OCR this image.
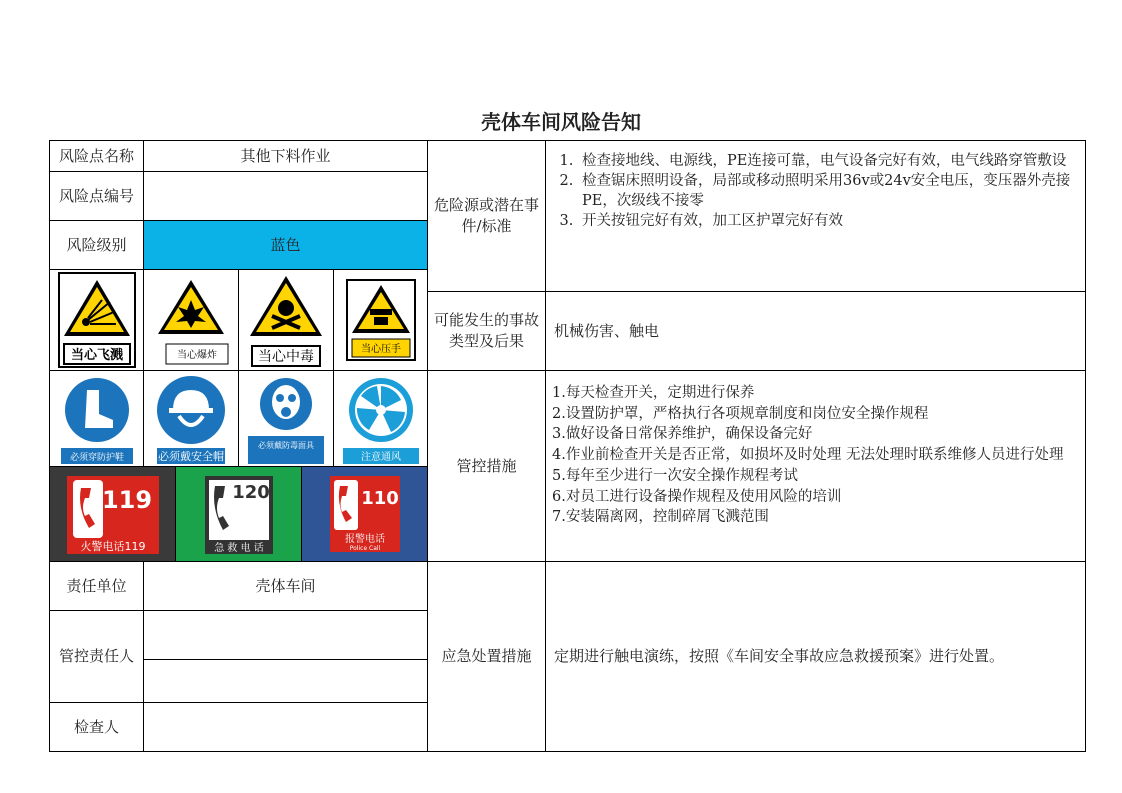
壳体车间风险告知
风险点名称	其他下料作业
风险点编号
风险级别	蓝色
危险源或潜在事件/标准
1. 检查接地线、电源线，PE连接可靠，电气设备完好有效，电气线路穿管敷设
2. 检查锯床照明设备，局部或移动照明采用36v或24v安全电压，变压器外壳接PE，次级线不接零
3. 开关按钮完好有效，加工区护罩完好有效
可能发生的事故类型及后果
机械伤害、触电
当心飞溅	当心爆炸	当心中毒	当心压手
必须穿防护鞋	必须戴安全帽
必须戴防毒面具
注意通风
119
火警电话119
120
急 救 电 话
110
报警电话
Police Call
管控措施
1.每天检查开关，定期进行保养
2.设置防护罩，严格执行各项规章制度和岗位安全操作规程
3.做好设备日常保养维护，确保设备完好
4.作业前检查开关是否正常，如损坏及时处理 无法处理时联系维修人员进行处理
5.每年至少进行一次安全操作规程考试
6.对员工进行设备操作规程及使用风险的培训
7.安装隔离网，控制碎屑飞溅范围
责任单位	壳体车间
管控责任人
检查人
应急处置措施	定期进行触电演练，按照《车间安全事故应急救援预案》进行处置。
